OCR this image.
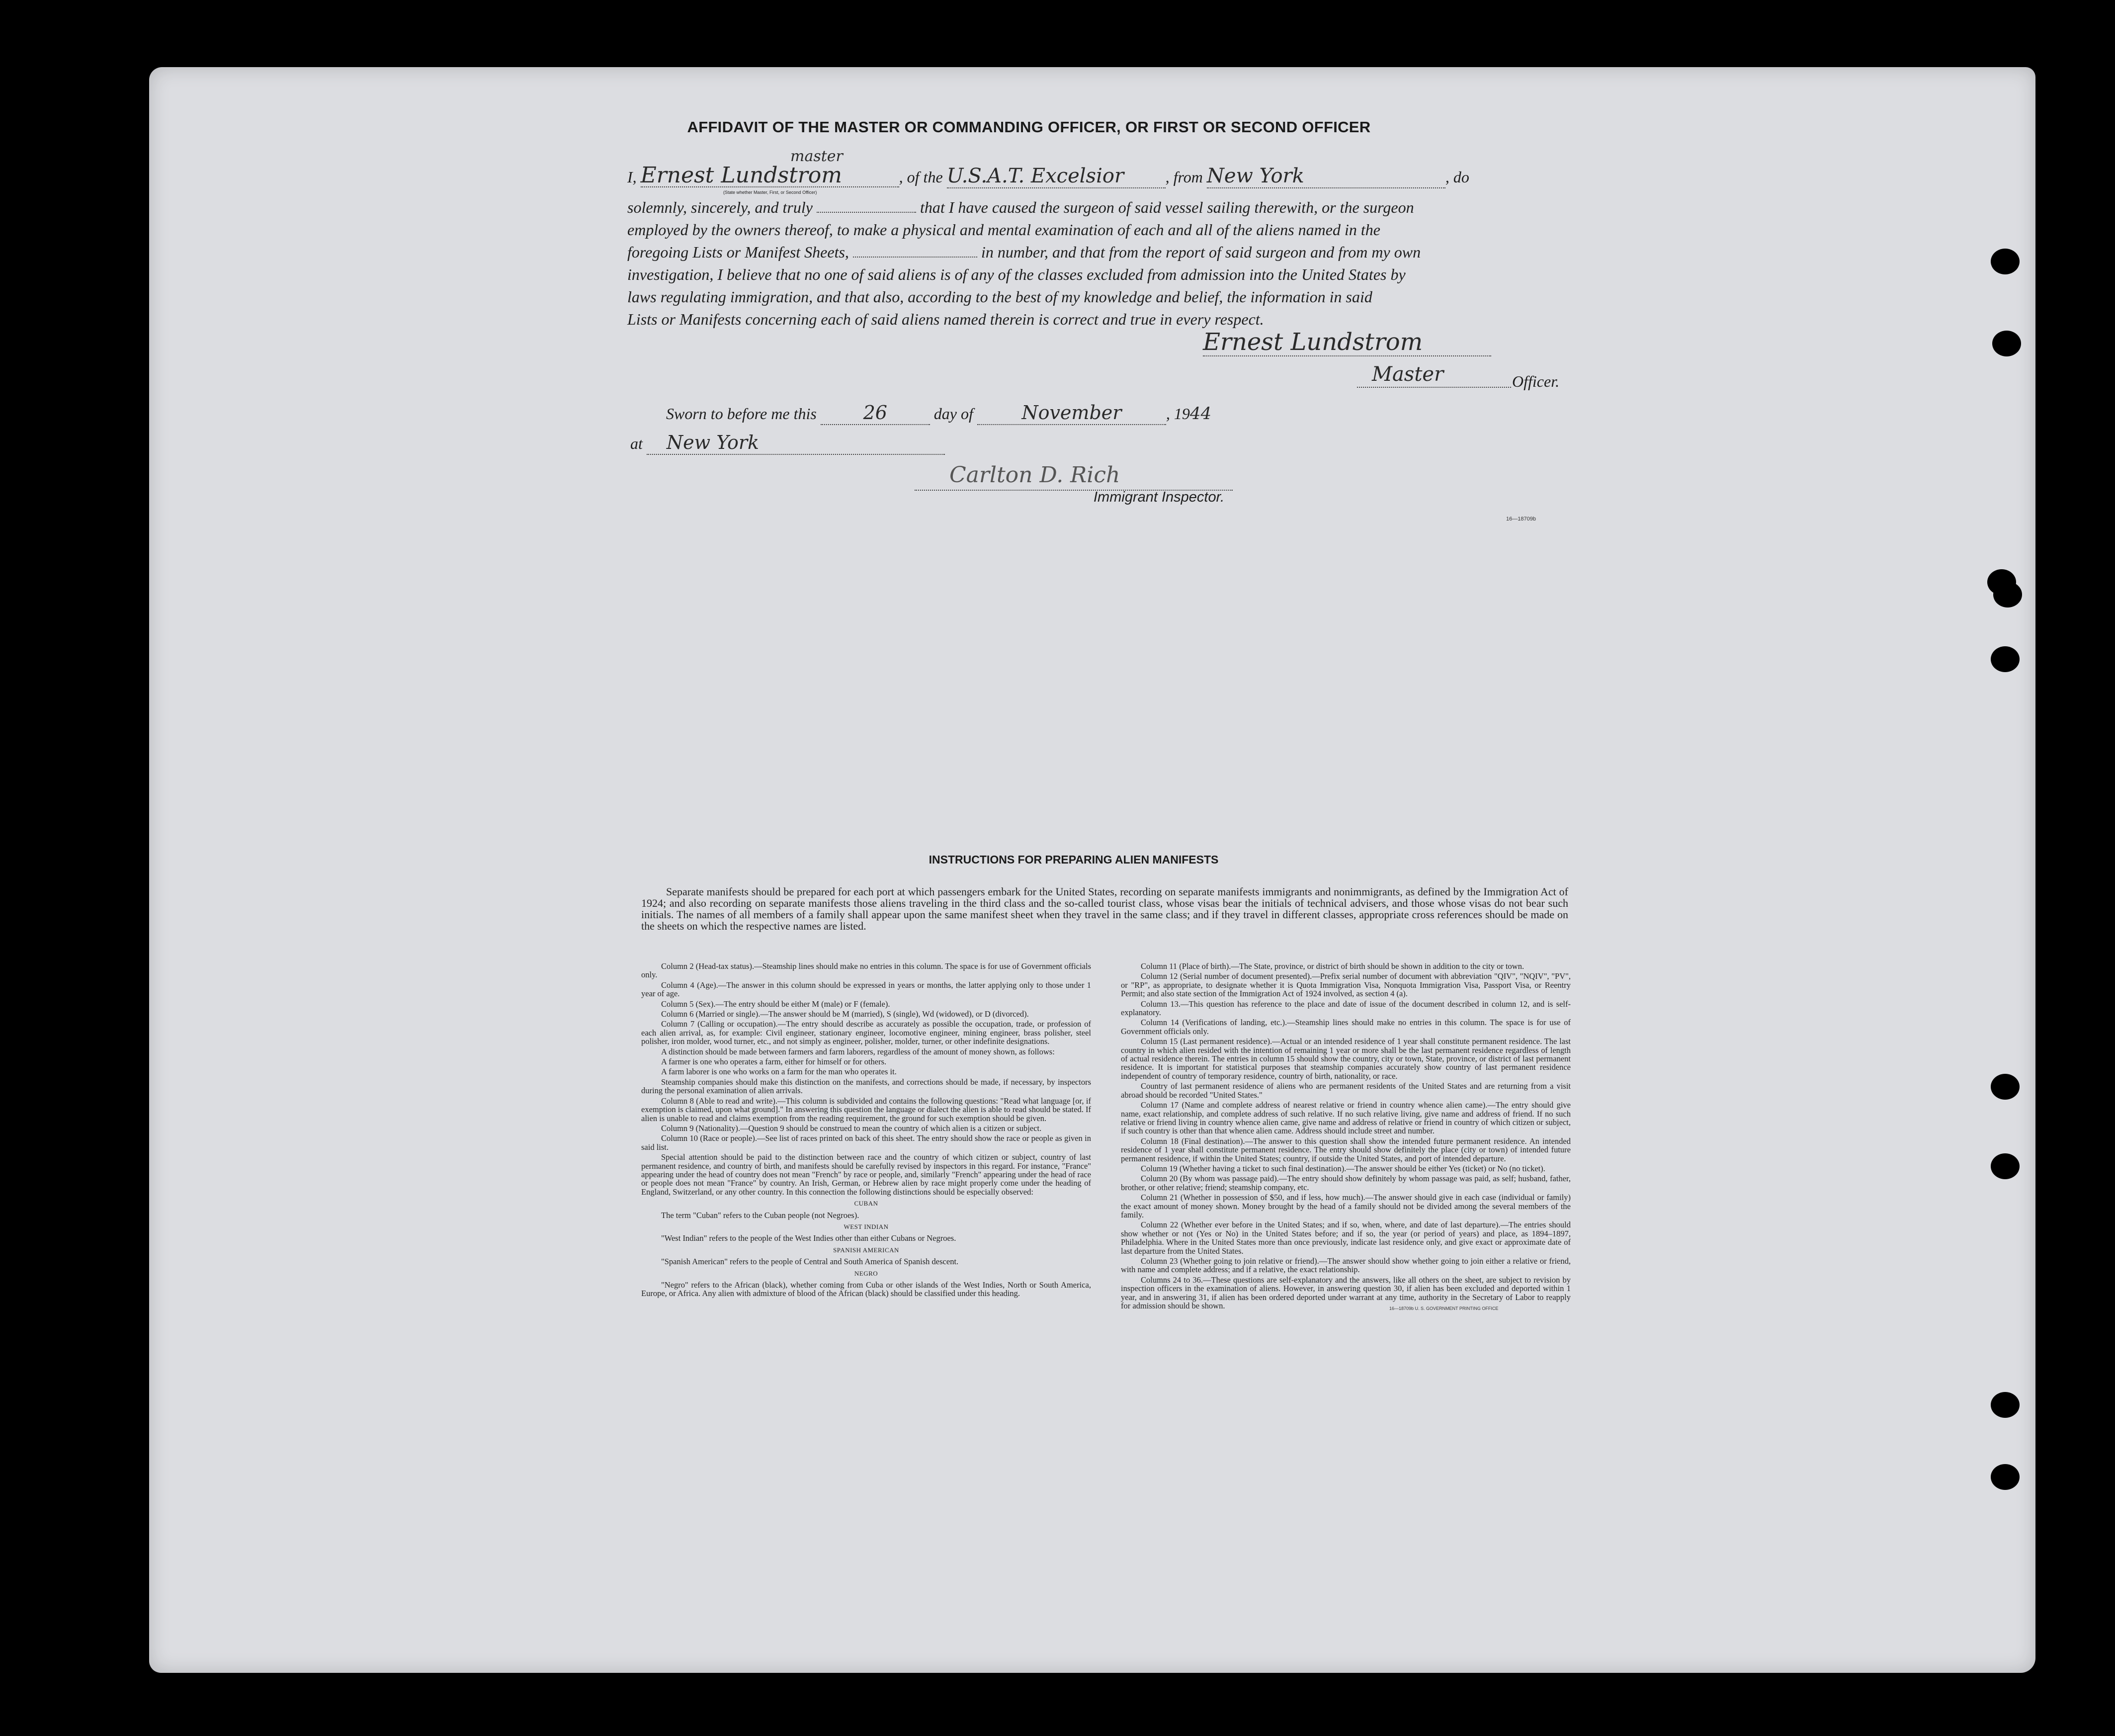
AFFIDAVIT OF THE MASTER OR COMMANDING OFFICER, OR FIRST OR SECOND OFFICER
master
I, Ernest Lundstrom	, of the U.S.A.T. Excelsior	, from New York	, do
(State whether Master, First, or Second Officer)
solemnly, sincerely, and truly	that I have caused the surgeon of said vessel sailing therewith, or the surgeon
employed by the owners thereof, to make a physical and mental examination of each and all of the aliens named in the
foregoing Lists or Manifest Sheets,	in number, and that from the report of said surgeon and from my own
investigation, I believe that no one of said aliens is of any of the classes excluded from admission into the United States by
laws regulating immigration, and that also, according to the best of my knowledge and belief, the information in said
Lists or Manifests concerning each of said aliens named therein is correct and true in every respect.
Ernest Lundstrom
Master	Officer.
Sworn to before me this 26	day of	November	, 1944
at New York
Carlton D. Rich
Immigrant Inspector.
16—18709b
INSTRUCTIONS FOR PREPARING ALIEN MANIFESTS
Separate manifests should be prepared for each port at which passengers embark for the United States, recording on separate manifests immigrants and nonimmigrants, as defined by the Immigration Act of 1924; and also recording on separate manifests those aliens traveling in the third class and the so-called tourist class, whose visas bear the initials of technical advisers, and those whose visas do not bear such initials. The names of all members of a family shall appear upon the same manifest sheet when they travel in the same class; and if they travel in different classes, appropriate cross references should be made on the sheets on which the respective names are listed.

Column 2 (Head-tax status).—Steamship lines should make no entries in this column. The space is for use of Government officials only.

Column 4 (Age).—The answer in this column should be expressed in years or months, the latter applying only to those under 1 year of age.

Column 5 (Sex).—The entry should be either M (male) or F (female).

Column 6 (Married or single).—The answer should be M (married), S (single), Wd (widowed), or D (divorced).

Column 7 (Calling or occupation).—The entry should describe as accurately as possible the occupation, trade, or profession of each alien arrival, as, for example: Civil engineer, stationary engineer, locomotive engineer, mining engineer, brass polisher, steel polisher, iron molder, wood turner, etc., and not simply as engineer, polisher, molder, turner, or other indefinite designations.

A distinction should be made between farmers and farm laborers, regardless of the amount of money shown, as follows:

A farmer is one who operates a farm, either for himself or for others.

A farm laborer is one who works on a farm for the man who operates it.

Steamship companies should make this distinction on the manifests, and corrections should be made, if necessary, by inspectors during the personal examination of alien arrivals.

Column 8 (Able to read and write).—This column is subdivided and contains the following questions: "Read what language [or, if exemption is claimed, upon what ground]." In answering this question the language or dialect the alien is able to read should be stated. If alien is unable to read and claims exemption from the reading requirement, the ground for such exemption should be given.

Column 9 (Nationality).—Question 9 should be construed to mean the country of which alien is a citizen or subject.

Column 10 (Race or people).—See list of races printed on back of this sheet. The entry should show the race or people as given in said list.

Special attention should be paid to the distinction between race and the country of which citizen or subject, country of last permanent residence, and country of birth, and manifests should be carefully revised by inspectors in this regard. For instance, "France" appearing under the head of country does not mean "French" by race or people, and, similarly "French" appearing under the head of race or people does not mean "France" by country. An Irish, German, or Hebrew alien by race might properly come under the heading of England, Switzerland, or any other country. In this connection the following distinctions should be especially observed:

CUBAN

The term "Cuban" refers to the Cuban people (not Negroes).

WEST INDIAN

"West Indian" refers to the people of the West Indies other than either Cubans or Negroes.

SPANISH AMERICAN

"Spanish American" refers to the people of Central and South America of Spanish descent.

NEGRO

"Negro" refers to the African (black), whether coming from Cuba or other islands of the West Indies, North or South America, Europe, or Africa. Any alien with admixture of blood of the African (black) should be classified under this heading.

Column 11 (Place of birth).—The State, province, or district of birth should be shown in addition to the city or town.

Column 12 (Serial number of document presented).—Prefix serial number of document with abbreviation "QIV", "NQIV", "PV", or "RP", as appropriate, to designate whether it is Quota Immigration Visa, Nonquota Immigration Visa, Passport Visa, or Reentry Permit; and also state section of the Immigration Act of 1924 involved, as section 4 (a).

Column 13.—This question has reference to the place and date of issue of the document described in column 12, and is self-explanatory.

Column 14 (Verifications of landing, etc.).—Steamship lines should make no entries in this column. The space is for use of Government officials only.

Column 15 (Last permanent residence).—Actual or an intended residence of 1 year shall constitute permanent residence. The last country in which alien resided with the intention of remaining 1 year or more shall be the last permanent residence regardless of length of actual residence therein. The entries in column 15 should show the country, city or town, State, province, or district of last permanent residence. It is important for statistical purposes that steamship companies accurately show country of last permanent residence independent of country of temporary residence, country of birth, nationality, or race.

Country of last permanent residence of aliens who are permanent residents of the United States and are returning from a visit abroad should be recorded "United States."

Column 17 (Name and complete address of nearest relative or friend in country whence alien came).—The entry should give name, exact relationship, and complete address of such relative. If no such relative living, give name and address of friend. If no such relative or friend living in country whence alien came, give name and address of relative or friend in country of which citizen or subject, if such country is other than that whence alien came. Address should include street and number.

Column 18 (Final destination).—The answer to this question shall show the intended future permanent residence. An intended residence of 1 year shall constitute permanent residence. The entry should show definitely the place (city or town) of intended future permanent residence, if within the United States; country, if outside the United States, and port of intended departure.

Column 19 (Whether having a ticket to such final destination).—The answer should be either Yes (ticket) or No (no ticket).

Column 20 (By whom was passage paid).—The entry should show definitely by whom passage was paid, as self; husband, father, brother, or other relative; friend; steamship company, etc.

Column 21 (Whether in possession of $50, and if less, how much).—The answer should give in each case (individual or family) the exact amount of money shown. Money brought by the head of a family should not be divided among the several members of the family.

Column 22 (Whether ever before in the United States; and if so, when, where, and date of last departure).—The entries should show whether or not (Yes or No) in the United States before; and if so, the year (or period of years) and place, as 1894–1897, Philadelphia. Where in the United States more than once previously, indicate last residence only, and give exact or approximate date of last departure from the United States.

Column 23 (Whether going to join relative or friend).—The answer should show whether going to join either a relative or friend, with name and complete address; and if a relative, the exact relationship.

Columns 24 to 36.—These questions are self-explanatory and the answers, like all others on the sheet, are subject to revision by inspection officers in the examination of aliens. However, in answering question 30, if alien has been excluded and deported within 1 year, and in answering 31, if alien has been ordered deported under warrant at any time, authority in the Secretary of Labor to reapply for admission should be shown.	16—18709b U. S. GOVERNMENT PRINTING OFFICE
